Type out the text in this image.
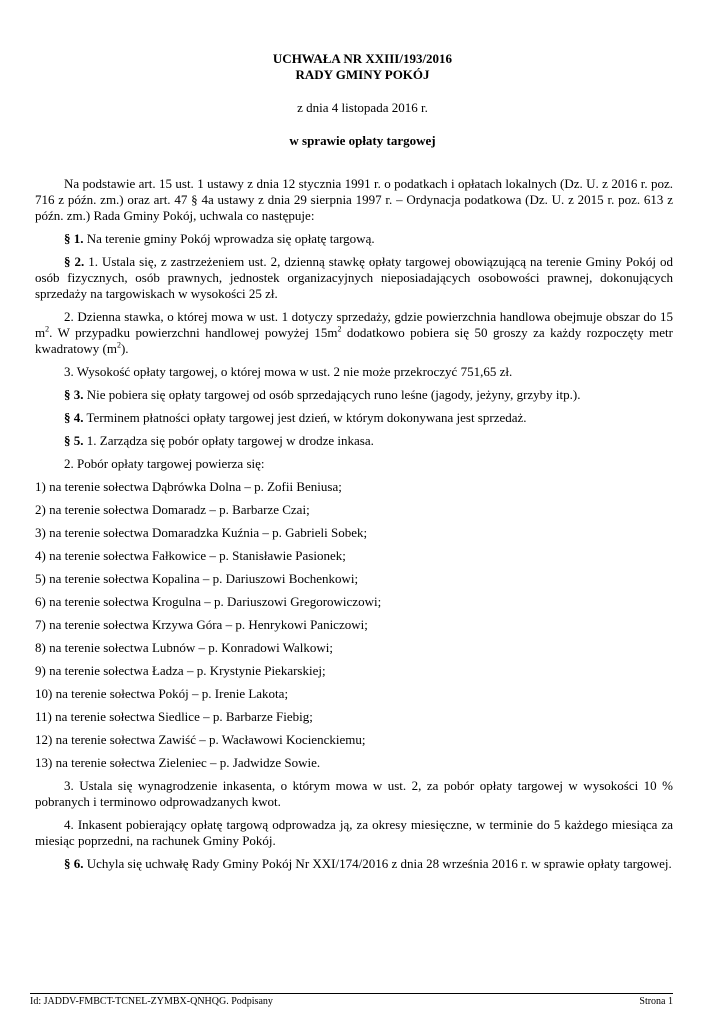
UCHWAŁA NR XXIII/193/2016
RADY GMINY POKÓJ
z dnia 4 listopada 2016 r.
w sprawie opłaty targowej

Na podstawie art. 15 ust. 1 ustawy z dnia 12 stycznia 1991 r. o podatkach i opłatach lokalnych (Dz. U. z 2016 r. poz. 716 z późn. zm.) oraz art. 47 § 4a ustawy z dnia 29 sierpnia 1997 r. – Ordynacja podatkowa (Dz. U. z 2015 r. poz. 613 z późn. zm.) Rada Gminy Pokój, uchwala co następuje:

§ 1. Na terenie gminy Pokój wprowadza się opłatę targową.

§ 2. 1. Ustala się, z zastrzeżeniem ust. 2, dzienną stawkę opłaty targowej obowiązującą na terenie Gminy Pokój od osób fizycznych, osób prawnych, jednostek organizacyjnych nieposiadających osobowości prawnej, dokonujących sprzedaży na targowiskach w wysokości 25 zł.

2. Dzienna stawka, o której mowa w ust. 1 dotyczy sprzedaży, gdzie powierzchnia handlowa obejmuje obszar do 15 $m^2$. W przypadku powierzchni handlowej powyżej $15m^2$ dodatkowo pobiera się 50 groszy za każdy rozpoczęty metr kwadratowy $(m^2)$.

3. Wysokość opłaty targowej, o której mowa w ust. 2 nie może przekroczyć 751,65 zł.

§ 3. Nie pobiera się opłaty targowej od osób sprzedających runo leśne (jagody, jeżyny, grzyby itp.).

§ 4. Terminem płatności opłaty targowej jest dzień, w którym dokonywana jest sprzedaż.

§ 5. 1. Zarządza się pobór opłaty targowej w drodze inkasa.

2. Pobór opłaty targowej powierza się:

1) na terenie sołectwa Dąbrówka Dolna – p. Zofii Beniusa;

2) na terenie sołectwa Domaradz – p. Barbarze Czai;

3) na terenie sołectwa Domaradzka Kuźnia – p. Gabrieli Sobek;

4) na terenie sołectwa Fałkowice – p. Stanisławie Pasionek;

5) na terenie sołectwa Kopalina – p. Dariuszowi Bochenkowi;

6) na terenie sołectwa Krogulna – p. Dariuszowi Gregorowiczowi;

7) na terenie sołectwa Krzywa Góra – p. Henrykowi Paniczowi;

8) na terenie sołectwa Lubnów – p. Konradowi Walkowi;

9) na terenie sołectwa Ładza – p. Krystynie Piekarskiej;

10) na terenie sołectwa Pokój – p. Irenie Lakota;

11) na terenie sołectwa Siedlice – p. Barbarze Fiebig;

12) na terenie sołectwa Zawiść – p. Wacławowi Kocienckiemu;

13) na terenie sołectwa Zieleniec – p. Jadwidze Sowie.

3. Ustala się wynagrodzenie inkasenta, o którym mowa w ust. 2, za pobór opłaty targowej w wysokości 10 % pobranych i terminowo odprowadzanych kwot.

4. Inkasent pobierający opłatę targową odprowadza ją, za okresy miesięczne, w terminie do 5 każdego miesiąca za miesiąc poprzedni, na rachunek Gminy Pokój.

§ 6. Uchyla się uchwałę Rady Gminy Pokój Nr XXI/174/2016 z dnia 28 września 2016 r. w sprawie opłaty targowej.

Id: JADDV-FMBCT-TCNEL-ZYMBX-QNHQG. Podpisany	Strona 1
